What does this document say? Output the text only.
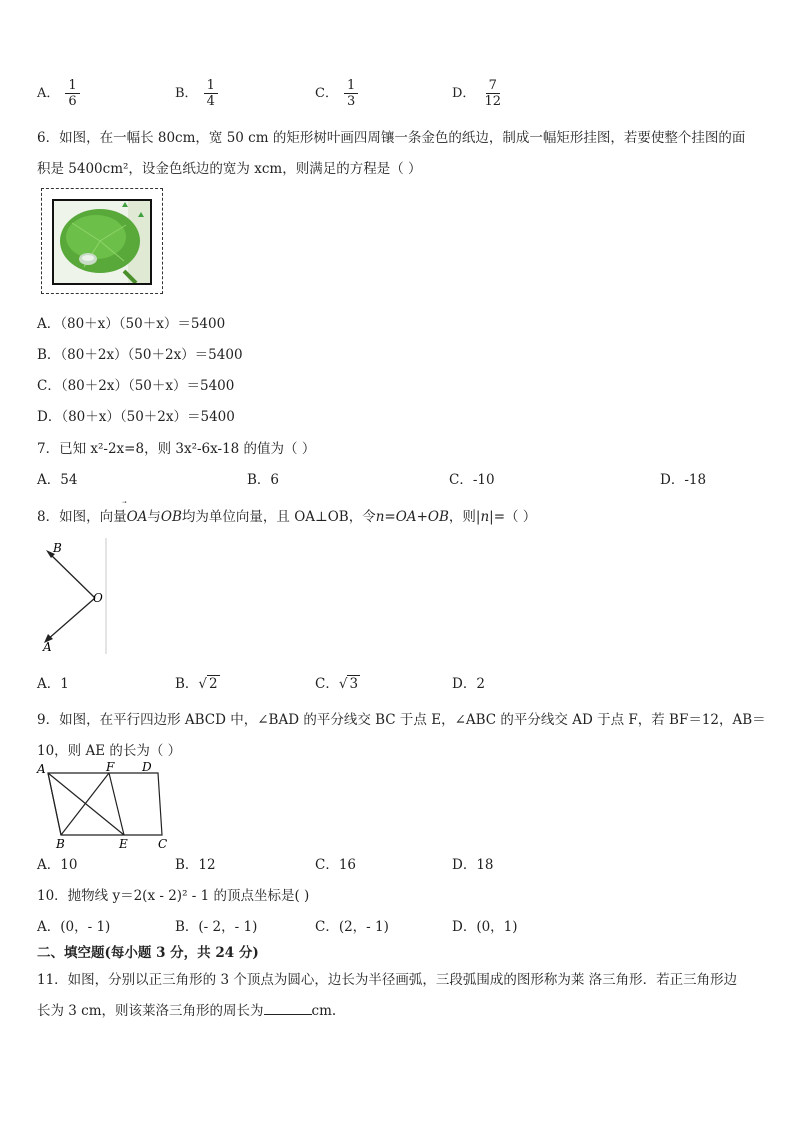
A． $\frac{1}{6}$	B． $\frac{1}{4}$	C． $\frac{1}{3}$	D． $\frac{7}{12}$
6．如图，在一幅长 80cm，宽 50 cm 的矩形树叶画四周镶一条金色的纸边，制成一幅矩形挂图，若要使整个挂图的面
积是 5400cm²，设金色纸边的宽为 xcm，则满足的方程是（ ）
A．（80＋x）（50＋x）＝5400
B．（80＋2x）（50＋2x）＝5400
C．（80＋2x）（50＋x）＝5400
D．（80＋x）（50＋2x）＝5400
7．已知 x²-2x=8，则 3x²-6x-18 的值为（ ）
A．54	B．6	C．-10	D．-18
8．如图，向量
OA与OB均为单位向量，且 OA⊥OB，令n=OA+OB，则|n|=（ ）
B
O
A
A．1	B．√ 2	C．√ 3	D．2
9．如图，在平行四边形 ABCD 中，∠BAD 的平分线交 BC 于点 E，∠ABC 的平分线交 AD 于点 F，若 BF＝12，AB＝
10，则 AE 的长为（ ）
A	F D
B	E	C
A．10	B．12	C．16	D．18
10．抛物线 y＝2(x - 2)² - 1 的顶点坐标是( )
A．(0，- 1)	B．(- 2，- 1)	C．(2，- 1)	D．(0，1)
二、填空题(每小题 3 分，共 24 分)
11．如图，分别以正三角形的 3 个顶点为圆心，边长为半径画弧，三段弧围成的图形称为莱 洛三角形．若正三角形边
长为 3 cm，则该莱洛三角形的周长为	cm.
